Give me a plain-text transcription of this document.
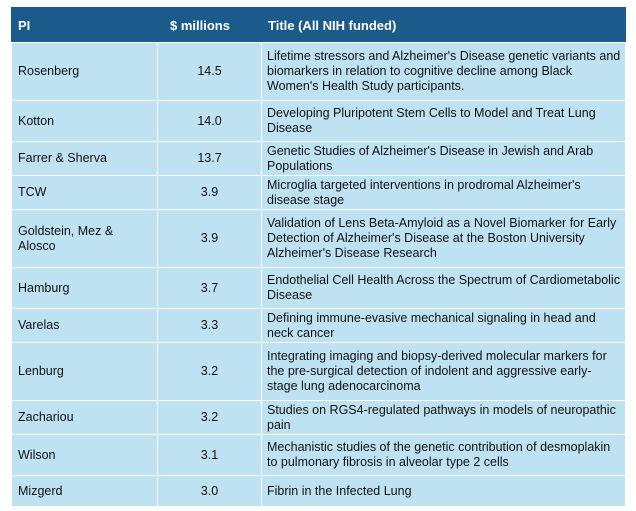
PI	$ millions	Title (All NIH funded)
Rosenberg	14.5	Lifetime stressors and Alzheimer's Disease genetic variants and biomarkers in relation to cognitive decline among Black Women's Health Study participants.
Kotton	14.0	Developing Pluripotent Stem Cells to Model and Treat Lung Disease
Farrer & Sherva	13.7	Genetic Studies of Alzheimer's Disease in Jewish and Arab Populations
TCW	3.9	Microglia targeted interventions in prodromal Alzheimer's disease stage
Goldstein, Mez & Alosco	3.9	Validation of Lens Beta-Amyloid as a Novel Biomarker for Early Detection of Alzheimer's Disease at the Boston University Alzheimer's Disease Research
Hamburg	3.7	Endothelial Cell Health Across the Spectrum of Cardiometabolic Disease
Varelas	3.3	Defining immune-evasive mechanical signaling in head and neck cancer
Lenburg	3.2	Integrating imaging and biopsy-derived molecular markers for the pre-surgical detection of indolent and aggressive early-stage lung adenocarcinoma
Zachariou	3.2	Studies on RGS4-regulated pathways in models of neuropathic pain
Wilson	3.1	Mechanistic studies of the genetic contribution of desmoplakin to pulmonary fibrosis in alveolar type 2 cells
Mizgerd	3.0	Fibrin in the Infected Lung
